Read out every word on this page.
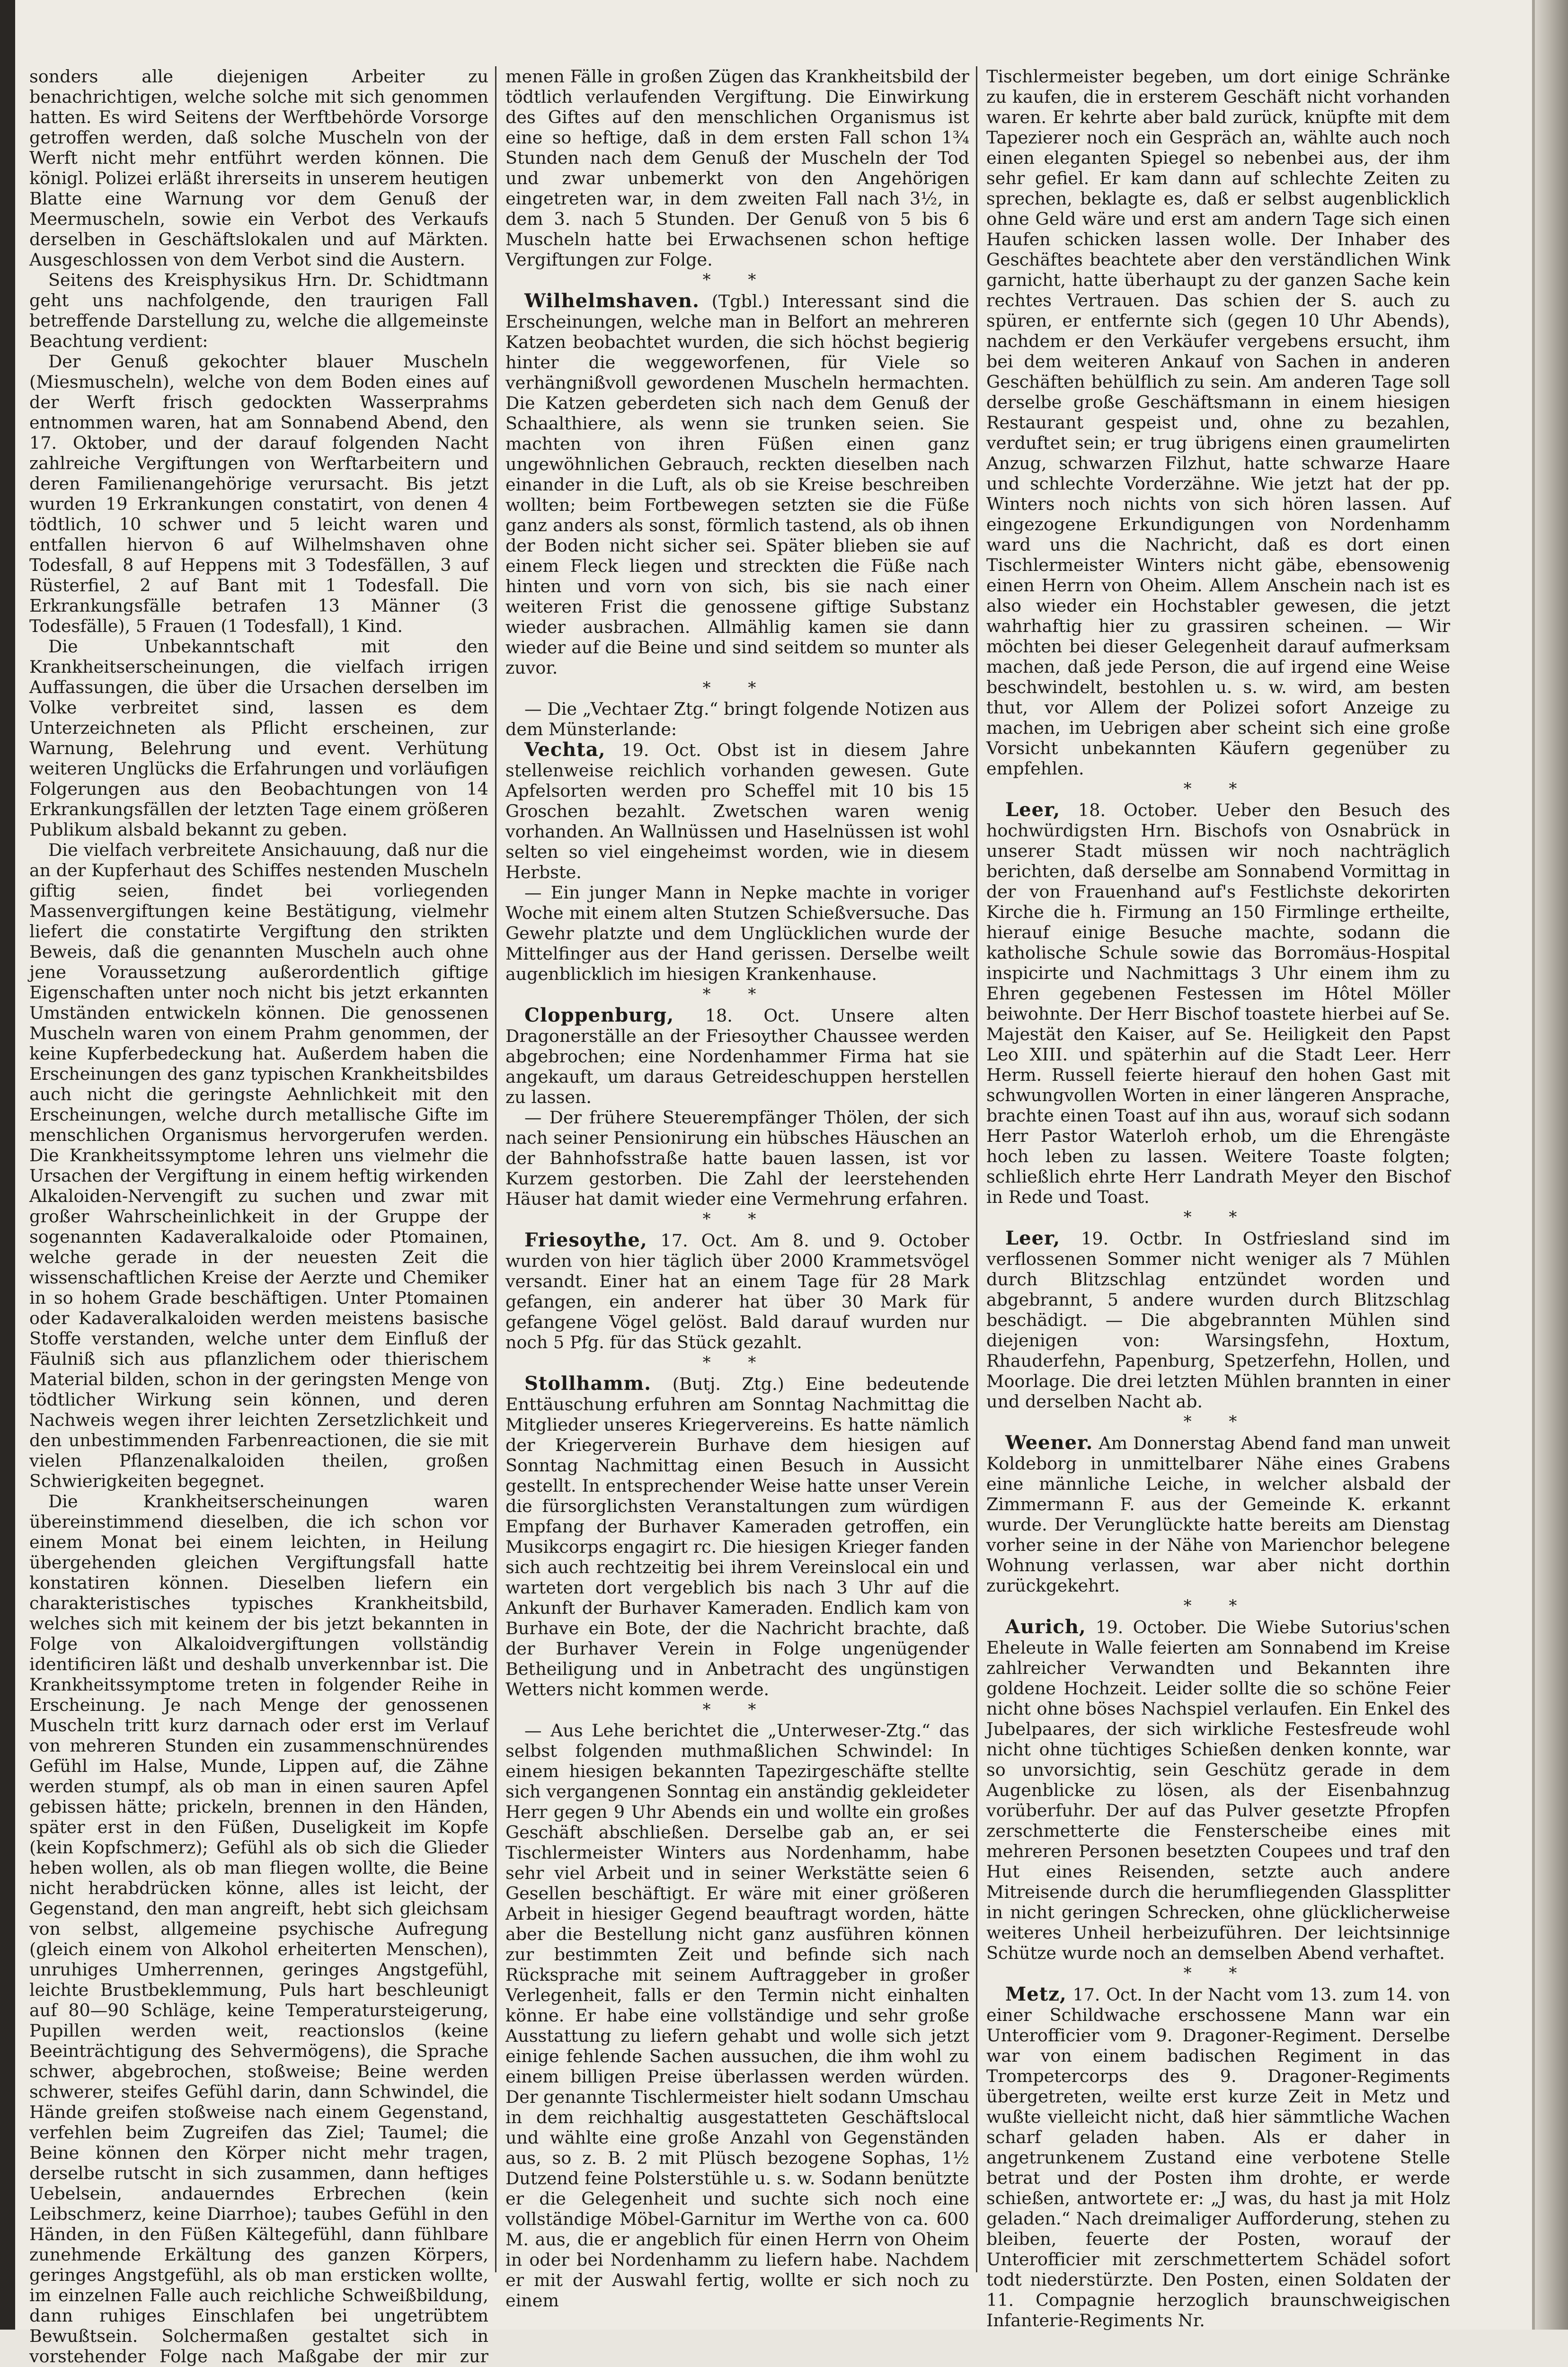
sonders alle diejenigen Arbeiter zu benachrichtigen, welche solche mit sich genommen hatten. Es wird Seitens der Werftbehörde Vorsorge getroffen werden, daß solche Muscheln von der Werft nicht mehr entführt werden können. Die königl. Polizei erläßt ihrerseits in unserem heutigen Blatte eine Warnung vor dem Genuß der Meermuscheln, sowie ein Verbot des Verkaufs derselben in Geschäftslokalen und auf Märkten. Ausgeschlossen von dem Verbot sind die Austern.

Seitens des Kreisphysikus Hrn. Dr. Schidtmann geht uns nachfolgende, den traurigen Fall betreffende Darstellung zu, welche die allgemeinste Beachtung verdient:

Der Genuß gekochter blauer Muscheln (Miesmuscheln), welche von dem Boden eines auf der Werft frisch gedockten Wasserprahms entnommen waren, hat am Sonnabend Abend, den 17. Oktober, und der darauf folgenden Nacht zahlreiche Vergiftungen von Werftarbeitern und deren Familienangehörige verursacht. Bis jetzt wurden 19 Erkrankungen constatirt, von denen 4 tödtlich, 10 schwer und 5 leicht waren und entfallen hiervon 6 auf Wilhelmshaven ohne Todesfall, 8 auf Heppens mit 3 Todesfällen, 3 auf Rüsterfiel, 2 auf Bant mit 1 Todesfall. Die Erkrankungsfälle betrafen 13 Männer (3 Todesfälle), 5 Frauen (1 Todesfall), 1 Kind.

Die Unbekanntschaft mit den Krankheitserscheinungen, die vielfach irrigen Auffassungen, die über die Ursachen derselben im Volke verbreitet sind, lassen es dem Unterzeichneten als Pflicht erscheinen, zur Warnung, Belehrung und event. Verhütung weiteren Unglücks die Erfahrungen und vorläufigen Folgerungen aus den Beobachtungen von 14 Erkrankungsfällen der letzten Tage einem größeren Publikum alsbald bekannt zu geben.

Die vielfach verbreitete Ansichauung, daß nur die an der Kupferhaut des Schiffes nestenden Muscheln giftig seien, findet bei vorliegenden Massenvergiftungen keine Bestätigung, vielmehr liefert die constatirte Vergiftung den strikten Beweis, daß die genannten Muscheln auch ohne jene Voraussetzung außerordentlich giftige Eigenschaften unter noch nicht bis jetzt erkannten Umständen entwickeln können. Die genossenen Muscheln waren von einem Prahm genommen, der keine Kupferbedeckung hat. Außerdem haben die Erscheinungen des ganz typischen Krankheitsbildes auch nicht die geringste Aehnlichkeit mit den Erscheinungen, welche durch metallische Gifte im menschlichen Organismus hervorgerufen werden. Die Krankheitssymptome lehren uns vielmehr die Ursachen der Vergiftung in einem heftig wirkenden Alkaloiden-Nervengift zu suchen und zwar mit großer Wahrscheinlichkeit in der Gruppe der sogenannten Kadaveralkaloide oder Ptomainen, welche gerade in der neuesten Zeit die wissenschaftlichen Kreise der Aerzte und Chemiker in so hohem Grade beschäftigen. Unter Ptomainen oder Kadaveralkaloiden werden meistens basische Stoffe verstanden, welche unter dem Einfluß der Fäulniß sich aus pflanzlichem oder thierischem Material bilden, schon in der geringsten Menge von tödtlicher Wirkung sein können, und deren Nachweis wegen ihrer leichten Zersetzlichkeit und den unbestimmenden Farbenreactionen, die sie mit vielen Pflanzenalkaloiden theilen, großen Schwierigkeiten begegnet.

Die Krankheitserscheinungen waren übereinstimmend dieselben, die ich schon vor einem Monat bei einem leichten, in Heilung übergehenden gleichen Vergiftungsfall hatte konstatiren können. Dieselben liefern ein charakteristisches typisches Krankheitsbild, welches sich mit keinem der bis jetzt bekannten in Folge von Alkaloidvergiftungen vollständig identificiren läßt und deshalb unverkennbar ist. Die Krankheitssymptome treten in folgender Reihe in Erscheinung. Je nach Menge der genossenen Muscheln tritt kurz darnach oder erst im Verlauf von mehreren Stunden ein zusammenschnürendes Gefühl im Halse, Munde, Lippen auf, die Zähne werden stumpf, als ob man in einen sauren Apfel gebissen hätte; prickeln, brennen in den Händen, später erst in den Füßen, Duseligkeit im Kopfe (kein Kopfschmerz); Gefühl als ob sich die Glieder heben wollen, als ob man fliegen wollte, die Beine nicht herabdrücken könne, alles ist leicht, der Gegenstand, den man angreift, hebt sich gleichsam von selbst, allgemeine psychische Aufregung (gleich einem von Alkohol erheiterten Menschen), unruhiges Umherrennen, geringes Angstgefühl, leichte Brustbeklemmung, Puls hart beschleunigt auf 80—90 Schläge, keine Temperatursteigerung, Pupillen werden weit, reactionslos (keine Beeinträchtigung des Sehvermögens), die Sprache schwer, abgebrochen, stoßweise; Beine werden schwerer, steifes Gefühl darin, dann Schwindel, die Hände greifen stoßweise nach einem Gegenstand, verfehlen beim Zugreifen das Ziel; Taumel; die Beine können den Körper nicht mehr tragen, derselbe rutscht in sich zusammen, dann heftiges Uebelsein, andauerndes Erbrechen (kein Leibschmerz, keine Diarrhoe); taubes Gefühl in den Händen, in den Füßen Kältegefühl, dann fühlbare zunehmende Erkältung des ganzen Körpers, geringes Angstgefühl, als ob man ersticken wollte, im einzelnen Falle auch reichliche Schweißbildung, dann ruhiges Einschlafen bei ungetrübtem Bewußtsein. Solchermaßen gestaltet sich in vorstehender Folge nach Maßgabe der mir zur

menen Fälle in großen Zügen das Krankheitsbild der tödtlich verlaufenden Vergiftung. Die Einwirkung des Giftes auf den menschlichen Organismus ist eine so heftige, daß in dem ersten Fall schon 1¾ Stunden nach dem Genuß der Muscheln der Tod und zwar unbemerkt von den Angehörigen eingetreten war, in dem zweiten Fall nach 3½, in dem 3. nach 5 Stunden. Der Genuß von 5 bis 6 Muscheln hatte bei Erwachsenen schon heftige Vergiftungen zur Folge.

* *

Wilhelmshaven. (Tgbl.) Interessant sind die Erscheinungen, welche man in Belfort an mehreren Katzen beobachtet wurden, die sich höchst begierig hinter die weggeworfenen, für Viele so verhängnißvoll gewordenen Muscheln hermachten. Die Katzen geberdeten sich nach dem Genuß der Schaalthiere, als wenn sie trunken seien. Sie machten von ihren Füßen einen ganz ungewöhnlichen Gebrauch, reckten dieselben nach einander in die Luft, als ob sie Kreise beschreiben wollten; beim Fortbewegen setzten sie die Füße ganz anders als sonst, förmlich tastend, als ob ihnen der Boden nicht sicher sei. Später blieben sie auf einem Fleck liegen und streckten die Füße nach hinten und vorn von sich, bis sie nach einer weiteren Frist die genossene giftige Substanz wieder ausbrachen. Allmählig kamen sie dann wieder auf die Beine und sind seitdem so munter als zuvor.

* *

— Die „Vechtaer Ztg.“ bringt folgende Notizen aus dem Münsterlande:

Vechta, 19. Oct. Obst ist in diesem Jahre stellenweise reichlich vorhanden gewesen. Gute Apfelsorten werden pro Scheffel mit 10 bis 15 Groschen bezahlt. Zwetschen waren wenig vorhanden. An Wallnüssen und Haselnüssen ist wohl selten so viel eingeheimst worden, wie in diesem Herbste.

— Ein junger Mann in Nepke machte in voriger Woche mit einem alten Stutzen Schießversuche. Das Gewehr platzte und dem Unglücklichen wurde der Mittelfinger aus der Hand gerissen. Derselbe weilt augenblicklich im hiesigen Krankenhause.

* *

Cloppenburg, 18. Oct. Unsere alten Dragonerställe an der Friesoyther Chaussee werden abgebrochen; eine Nordenhammer Firma hat sie angekauft, um daraus Getreideschuppen herstellen zu lassen.

— Der frühere Steuerempfänger Thölen, der sich nach seiner Pensionirung ein hübsches Häuschen an der Bahnhofsstraße hatte bauen lassen, ist vor Kurzem gestorben. Die Zahl der leerstehenden Häuser hat damit wieder eine Vermehrung erfahren.

* *

Friesoythe, 17. Oct. Am 8. und 9. October wurden von hier täglich über 2000 Krammetsvögel versandt. Einer hat an einem Tage für 28 Mark gefangen, ein anderer hat über 30 Mark für gefangene Vögel gelöst. Bald darauf wurden nur noch 5 Pfg. für das Stück gezahlt.

* *

Stollhamm. (Butj. Ztg.) Eine bedeutende Enttäuschung erfuhren am Sonntag Nachmittag die Mitglieder unseres Kriegervereins. Es hatte nämlich der Kriegerverein Burhave dem hiesigen auf Sonntag Nachmittag einen Besuch in Aussicht gestellt. In entsprechender Weise hatte unser Verein die fürsorglichsten Veranstaltungen zum würdigen Empfang der Burhaver Kameraden getroffen, ein Musikcorps engagirt rc. Die hiesigen Krieger fanden sich auch rechtzeitig bei ihrem Vereinslocal ein und warteten dort vergeblich bis nach 3 Uhr auf die Ankunft der Burhaver Kameraden. Endlich kam von Burhave ein Bote, der die Nachricht brachte, daß der Burhaver Verein in Folge ungenügender Betheiligung und in Anbetracht des ungünstigen Wetters nicht kommen werde.

* *

— Aus Lehe berichtet die „Unterweser-Ztg.“ das selbst folgenden muthmaßlichen Schwindel: In einem hiesigen bekannten Tapezirgeschäfte stellte sich vergangenen Sonntag ein anständig gekleideter Herr gegen 9 Uhr Abends ein und wollte ein großes Geschäft abschließen. Derselbe gab an, er sei Tischlermeister Winters aus Nordenhamm, habe sehr viel Arbeit und in seiner Werkstätte seien 6 Gesellen beschäftigt. Er wäre mit einer größeren Arbeit in hiesiger Gegend beauftragt worden, hätte aber die Bestellung nicht ganz ausführen können zur bestimmten Zeit und befinde sich nach Rücksprache mit seinem Auftraggeber in großer Verlegenheit, falls er den Termin nicht einhalten könne. Er habe eine vollständige und sehr große Ausstattung zu liefern gehabt und wolle sich jetzt einige fehlende Sachen aussuchen, die ihm wohl zu einem billigen Preise überlassen werden würden. Der genannte Tischlermeister hielt sodann Umschau in dem reichhaltig ausgestatteten Geschäftslocal und wählte eine große Anzahl von Gegenständen aus, so z. B. 2 mit Plüsch bezogene Sophas, 1½ Dutzend feine Polsterstühle u. s. w. Sodann benützte er die Gelegenheit und suchte sich noch eine vollständige Möbel-Garnitur im Werthe von ca. 600 M. aus, die er angeblich für einen Herrn von Oheim in oder bei Nordenhamm zu liefern habe. Nachdem er mit der Auswahl fertig, wollte er sich noch zu einem

Tischlermeister begeben, um dort einige Schränke zu kaufen, die in ersterem Geschäft nicht vorhanden waren. Er kehrte aber bald zurück, knüpfte mit dem Tapezierer noch ein Gespräch an, wählte auch noch einen eleganten Spiegel so nebenbei aus, der ihm sehr gefiel. Er kam dann auf schlechte Zeiten zu sprechen, beklagte es, daß er selbst augenblicklich ohne Geld wäre und erst am andern Tage sich einen Haufen schicken lassen wolle. Der Inhaber des Geschäftes beachtete aber den verständlichen Wink garnicht, hatte überhaupt zu der ganzen Sache kein rechtes Vertrauen. Das schien der S. auch zu spüren, er entfernte sich (gegen 10 Uhr Abends), nachdem er den Verkäufer vergebens ersucht, ihm bei dem weiteren Ankauf von Sachen in anderen Geschäften behülflich zu sein. Am anderen Tage soll derselbe große Geschäftsmann in einem hiesigen Restaurant gespeist und, ohne zu bezahlen, verduftet sein; er trug übrigens einen graumelirten Anzug, schwarzen Filzhut, hatte schwarze Haare und schlechte Vorderzähne. Wie jetzt hat der pp. Winters noch nichts von sich hören lassen. Auf eingezogene Erkundigungen von Nordenhamm ward uns die Nachricht, daß es dort einen Tischlermeister Winters nicht gäbe, ebensowenig einen Herrn von Oheim. Allem Anschein nach ist es also wieder ein Hochstabler gewesen, die jetzt wahrhaftig hier zu grassiren scheinen. — Wir möchten bei dieser Gelegenheit darauf aufmerksam machen, daß jede Person, die auf irgend eine Weise beschwindelt, bestohlen u. s. w. wird, am besten thut, vor Allem der Polizei sofort Anzeige zu machen, im Uebrigen aber scheint sich eine große Vorsicht unbekannten Käufern gegenüber zu empfehlen.

* *

Leer, 18. October. Ueber den Besuch des hochwürdigsten Hrn. Bischofs von Osnabrück in unserer Stadt müssen wir noch nachträglich berichten, daß derselbe am Sonnabend Vormittag in der von Frauenhand auf's Festlichste dekorirten Kirche die h. Firmung an 150 Firmlinge ertheilte, hierauf einige Besuche machte, sodann die katholische Schule sowie das Borromäus-Hospital inspicirte und Nachmittags 3 Uhr einem ihm zu Ehren gegebenen Festessen im Hôtel Möller beiwohnte. Der Herr Bischof toastete hierbei auf Se. Majestät den Kaiser, auf Se. Heiligkeit den Papst Leo XIII. und späterhin auf die Stadt Leer. Herr Herm. Russell feierte hierauf den hohen Gast mit schwungvollen Worten in einer längeren Ansprache, brachte einen Toast auf ihn aus, worauf sich sodann Herr Pastor Waterloh erhob, um die Ehrengäste hoch leben zu lassen. Weitere Toaste folgten; schließlich ehrte Herr Landrath Meyer den Bischof in Rede und Toast.

* *

Leer, 19. Octbr. In Ostfriesland sind im verflossenen Sommer nicht weniger als 7 Mühlen durch Blitzschlag entzündet worden und abgebrannt, 5 andere wurden durch Blitzschlag beschädigt. — Die abgebrannten Mühlen sind diejenigen von: Warsingsfehn, Hoxtum, Rhauderfehn, Papenburg, Spetzerfehn, Hollen, und Moorlage. Die drei letzten Mühlen brannten in einer und derselben Nacht ab.

* *

Weener. Am Donnerstag Abend fand man unweit Koldeborg in unmittelbarer Nähe eines Grabens eine männliche Leiche, in welcher alsbald der Zimmermann F. aus der Gemeinde K. erkannt wurde. Der Verunglückte hatte bereits am Dienstag vorher seine in der Nähe von Marienchor belegene Wohnung verlassen, war aber nicht dorthin zurückgekehrt.

* *

Aurich, 19. October. Die Wiebe Sutorius'schen Eheleute in Walle feierten am Sonnabend im Kreise zahlreicher Verwandten und Bekannten ihre goldene Hochzeit. Leider sollte die so schöne Feier nicht ohne böses Nachspiel verlaufen. Ein Enkel des Jubelpaares, der sich wirkliche Festesfreude wohl nicht ohne tüchtiges Schießen denken konnte, war so unvorsichtig, sein Geschütz gerade in dem Augenblicke zu lösen, als der Eisenbahnzug vorüberfuhr. Der auf das Pulver gesetzte Pfropfen zerschmetterte die Fensterscheibe eines mit mehreren Personen besetzten Coupees und traf den Hut eines Reisenden, setzte auch andere Mitreisende durch die herumfliegenden Glassplitter in nicht geringen Schrecken, ohne glücklicherweise weiteres Unheil herbeizuführen. Der leichtsinnige Schütze wurde noch an demselben Abend verhaftet.

* *

Metz, 17. Oct. In der Nacht vom 13. zum 14. von einer Schildwache erschossene Mann war ein Unterofficier vom 9. Dragoner-Regiment. Derselbe war von einem badischen Regiment in das Trompetercorps des 9. Dragoner-Regiments übergetreten, weilte erst kurze Zeit in Metz und wußte vielleicht nicht, daß hier sämmtliche Wachen scharf geladen haben. Als er daher in angetrunkenem Zustand eine verbotene Stelle betrat und der Posten ihm drohte, er werde schießen, antwortete er: „J was, du hast ja mit Holz geladen.“ Nach dreimaliger Aufforderung, stehen zu bleiben, feuerte der Posten, worauf der Unterofficier mit zerschmettertem Schädel sofort todt niederstürzte. Den Posten, einen Soldaten der 11. Compagnie herzoglich braunschweigischen Infanterie-Regiments Nr.
